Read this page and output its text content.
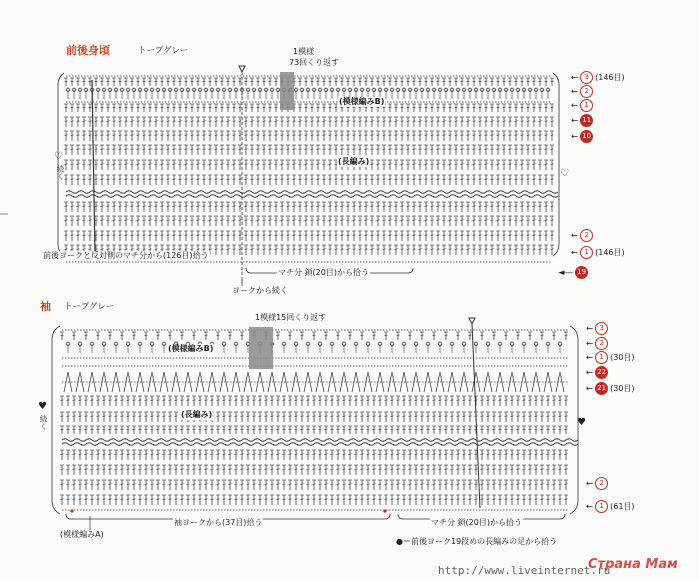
前後身頃	トープグレー	1模様
73回くり返す
(模様編みB)
(長編み)
前後ヨークと反対側のマチ分から(126目)拾う
マチ分 鎖(20目)から拾う
ヨークから続く
♡
続く	♡
← 3 (146目)
← 2
← 1
← 11
← 10
← 2
← 1 (146目)
◄— 19
袖 トープグレー
1模様15回くり返す
(模様編みB)
(長編み)
袖ヨークから(37目)拾う	マチ分 鎖(20目)から拾う
(模様編みA)
●＝前後ヨーク19段めの長編みの足から拾う
♥
続く	♥
← 3
← 2
← 1 (30目)
← 22
← 21 (30目)
← 2
← 1 (61目)
http://www.liveinternet.ru
Страна Мам
